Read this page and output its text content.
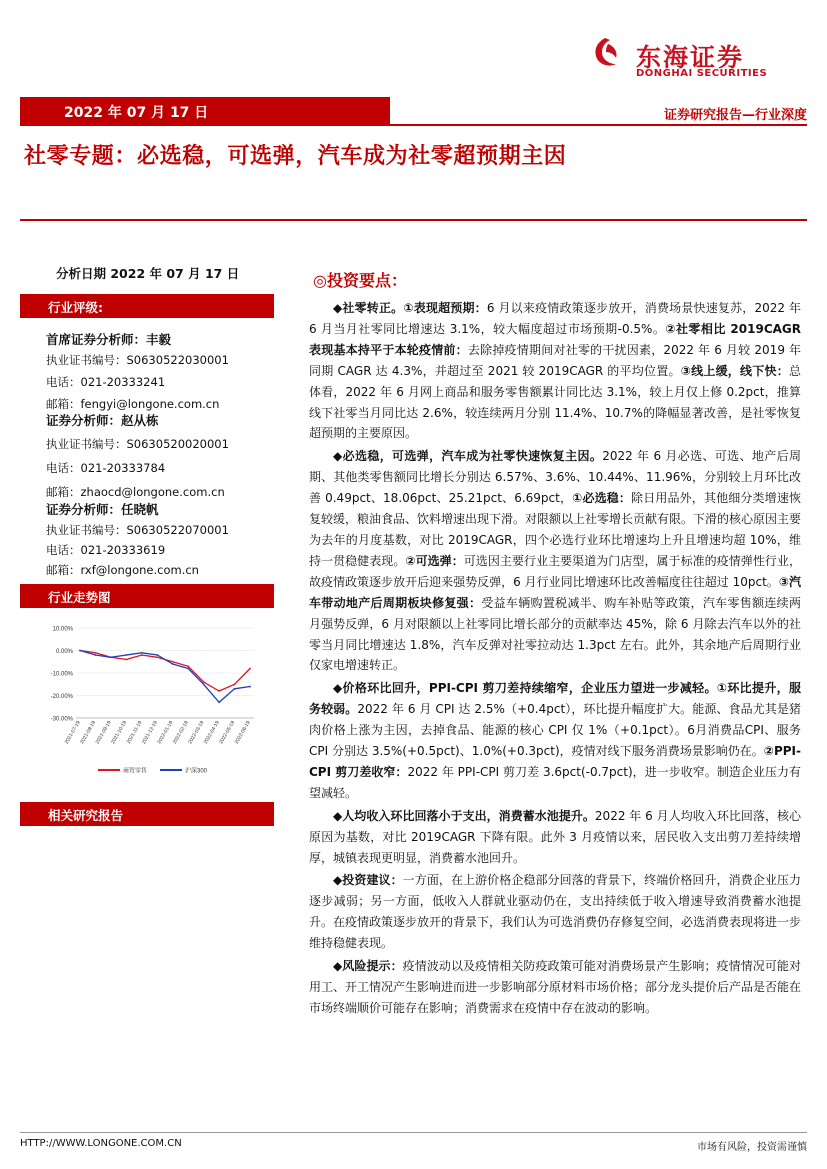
东海证券
DONGHAI SECURITIES
2022 年 07 月 17 日	证券研究报告—行业深度
社零专题：必选稳，可选弹，汽车成为社零超预期主因
分析日期 2022 年 07 月 17 日
行业评级:
首席证券分析师：丰毅
执业证书编号：S0630522030001
电话：021-20333241
邮箱：fengyi@longone.com.cn
证券分析师：赵从栋
执业证书编号：S0630520020001
电话：021-20333784
邮箱：zhaocd@longone.com.cn
证券分析师：任晓帆
执业证书编号：S0630522070001
电话：021-20333619
邮箱：rxf@longone.com.cn
行业走势图
10.00%
0.00%
-10.00%
-20.00%
-30.00%
2021-07-19
2021-08-19
2021-09-19
2021-10-19
2021-11-19
2021-12-19
2022-01-19
2022-02-19
2022-03-19
2022-04-19
2022-05-19
2022-06-19
商贸零售	沪深300
相关研究报告
◎投资要点：

◆社零转正。①表现超预期：6 月以来疫情政策逐步放开，消费场景快速复苏，2022 年 6 月当月社零同比增速达 3.1%，较大幅度超过市场预期-0.5%。②社零相比 2019CAGR 表现基本持平于本轮疫情前：去除掉疫情期间对社零的干扰因素，2022 年 6 月较 2019 年同期 CAGR 达 4.3%，并超过至 2021 较 2019CAGR 的平均位置。③线上缓，线下快：总体看，2022 年 6 月网上商品和服务零售额累计同比达 3.1%，较上月仅上修 0.2pct，推算线下社零当月同比达 2.6%，较连续两月分别 11.4%、10.7%的降幅显著改善，是社零恢复超预期的主要原因。

◆必选稳，可选弹，汽车成为社零快速恢复主因。2022 年 6 月必选、可选、地产后周期、其他类零售额同比增长分别达 6.57%、3.6%、10.44%、11.96%，分别较上月环比改善 0.49pct、18.06pct、25.21pct、6.69pct，①必选稳：除日用品外，其他细分类增速恢复较缓，粮油食品、饮料增速出现下滑。对限额以上社零增长贡献有限。下滑的核心原因主要为去年的月度基数，对比 2019CAGR，四个必选行业环比增速均上升且增速均超 10%，维持一贯稳健表现。②可选弹：可选因主要行业主要渠道为门店型，属于标准的疫情弹性行业，故疫情政策逐步放开后迎来强势反弹，6 月行业同比增速环比改善幅度往往超过 10pct。③汽车带动地产后周期板块修复强：受益车辆购置税减半、购车补贴等政策，汽车零售额连续两月强势反弹，6 月对限额以上社零同比增长部分的贡献率达 45%，除 6 月除去汽车以外的社零当月同比增速达 1.8%，汽车反弹对社零拉动达 1.3pct 左右。此外，其余地产后周期行业仅家电增速转正。

◆价格环比回升，PPI-CPI 剪刀差持续缩窄，企业压力望进一步减轻。①环比提升，服务较弱。2022 年 6 月 CPI 达 2.5%（+0.4pct），环比提升幅度扩大。能源、食品尤其是猪肉价格上涨为主因，去掉食品、能源的核心 CPI 仅 1%（+0.1pct）。6月消费品CPI、服务CPI 分别达 3.5%(+0.5pct)、1.0%(+0.3pct)，疫情对线下服务消费场景影响仍在。②PPI-CPI 剪刀差收窄：2022 年 PPI-CPI 剪刀差 3.6pct(-0.7pct)，进一步收窄。制造企业压力有望减轻。

◆人均收入环比回落小于支出，消费蓄水池提升。2022 年 6 月人均收入环比回落，核心原因为基数，对比 2019CAGR 下降有限。此外 3 月疫情以来，居民收入支出剪刀差持续增厚，城镇表现更明显，消费蓄水池回升。

◆投资建议：一方面，在上游价格企稳部分回落的背景下，终端价格回升，消费企业压力逐步减弱；另一方面，低收入人群就业驱动仍在，支出持续低于收入增速导致消费蓄水池提升。在疫情政策逐步放开的背景下，我们认为可选消费仍存修复空间，必选消费表现将进一步维持稳健表现。

◆风险提示：疫情波动以及疫情相关防疫政策可能对消费场景产生影响；疫情情况可能对用工、开工情况产生影响进而进一步影响部分原材料市场价格；部分龙头提价后产品是否能在市场终端顺价可能存在影响；消费需求在疫情中存在波动的影响。

HTTP://WWW.LONGONE.COM.CN	市场有风险，投资需谨慎
